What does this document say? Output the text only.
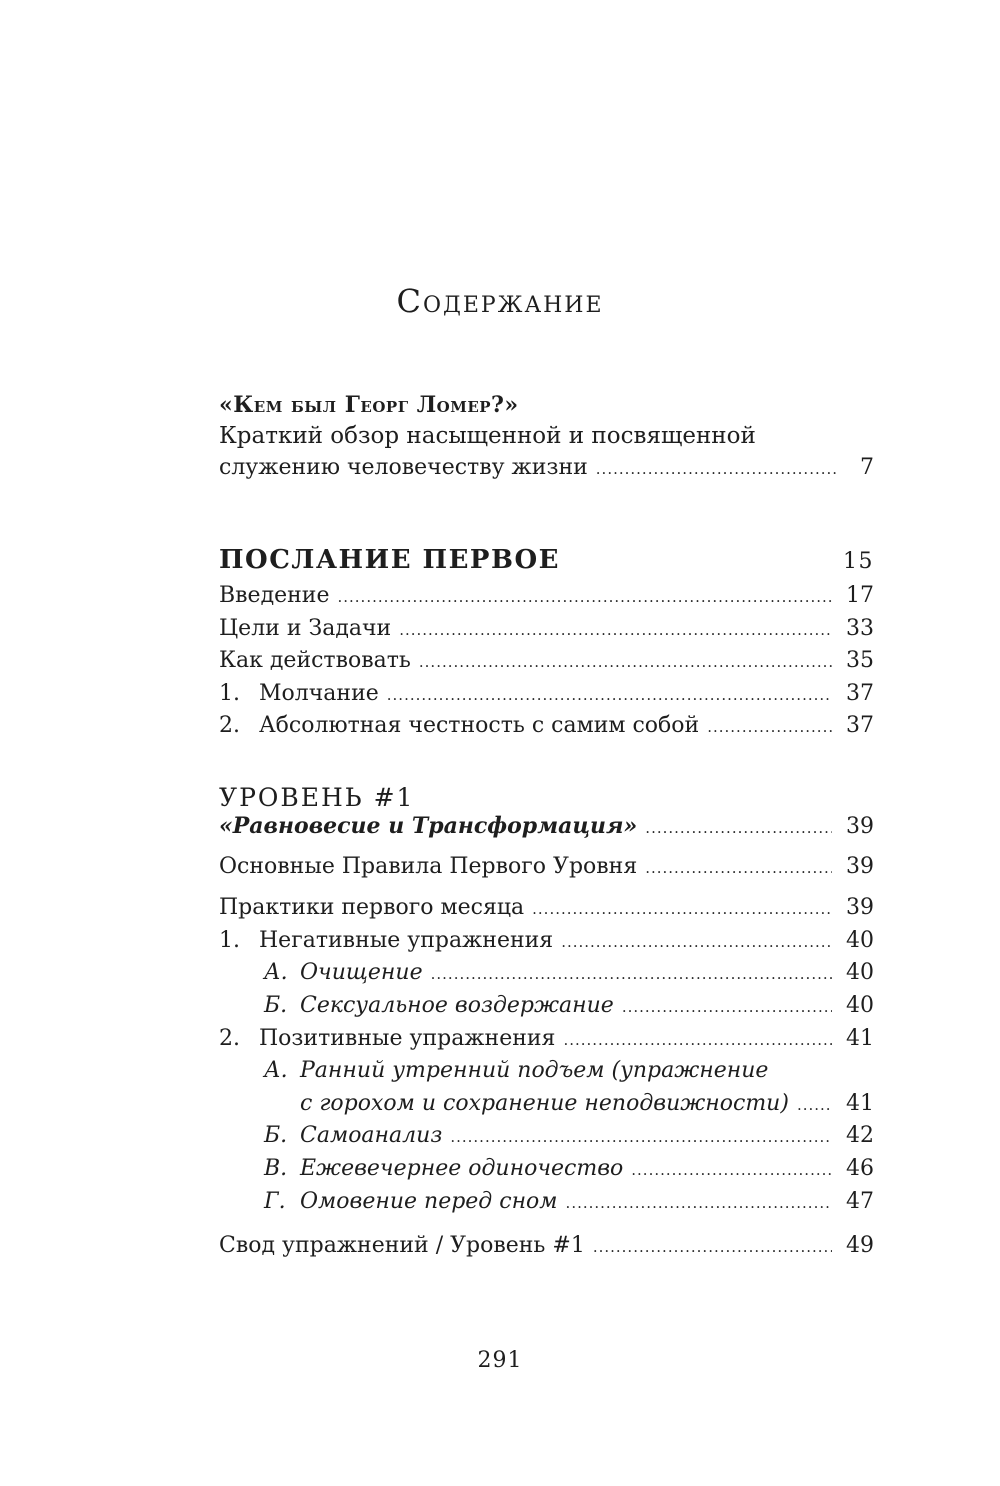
Содержание
«Кем был Георг Ломер?»
Краткий обзор насыщенной и посвященной
служению человечеству жизни .....	7
ПОСЛАНИЕ ПЕРВОЕ	15
Введение .....	17
Цели и Задачи .....	33
Как действовать .....	35
1. Молчание .....	37
2. Абсолютная честность с самим собой .....	37
УРОВЕНЬ #1
«Равновесие и Трансформация» .....	39
Основные Правила Первого Уровня .....	39
Практики первого месяца .....	39
1. Негативные упражнения .....	40
А. Очищение .....	40
Б. Сексуальное воздержание .....	40
2. Позитивные упражнения .....	41
А. Ранний утренний подъем (упражнение
с горохом и сохранение неподвижности) .....	41
Б. Самоанализ .....	42
В. Ежевечернее одиночество .....	46
Г. Омовение перед сном .....	47
Свод упражнений / Уровень #1 .....	49
291
